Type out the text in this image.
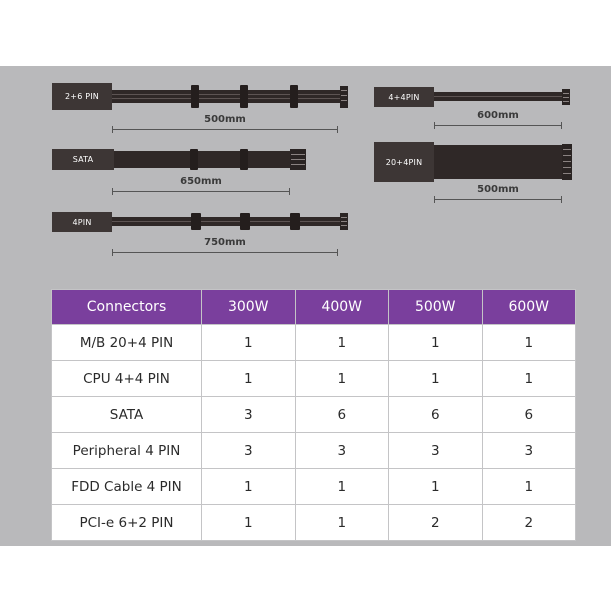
2+6 PIN
500mm
SATA
650mm
4PIN
750mm
4+4PIN
600mm
20+4PIN
500mm
Connectors	300W	400W	500W	600W
M/B 20+4 PIN	1	1	1	1
CPU 4+4 PIN	1	1	1	1
SATA	3	6	6	6
Peripheral 4 PIN	3	3	3	3
FDD Cable 4 PIN	1	1	1	1
PCI-e 6+2 PIN	1	1	2	2
